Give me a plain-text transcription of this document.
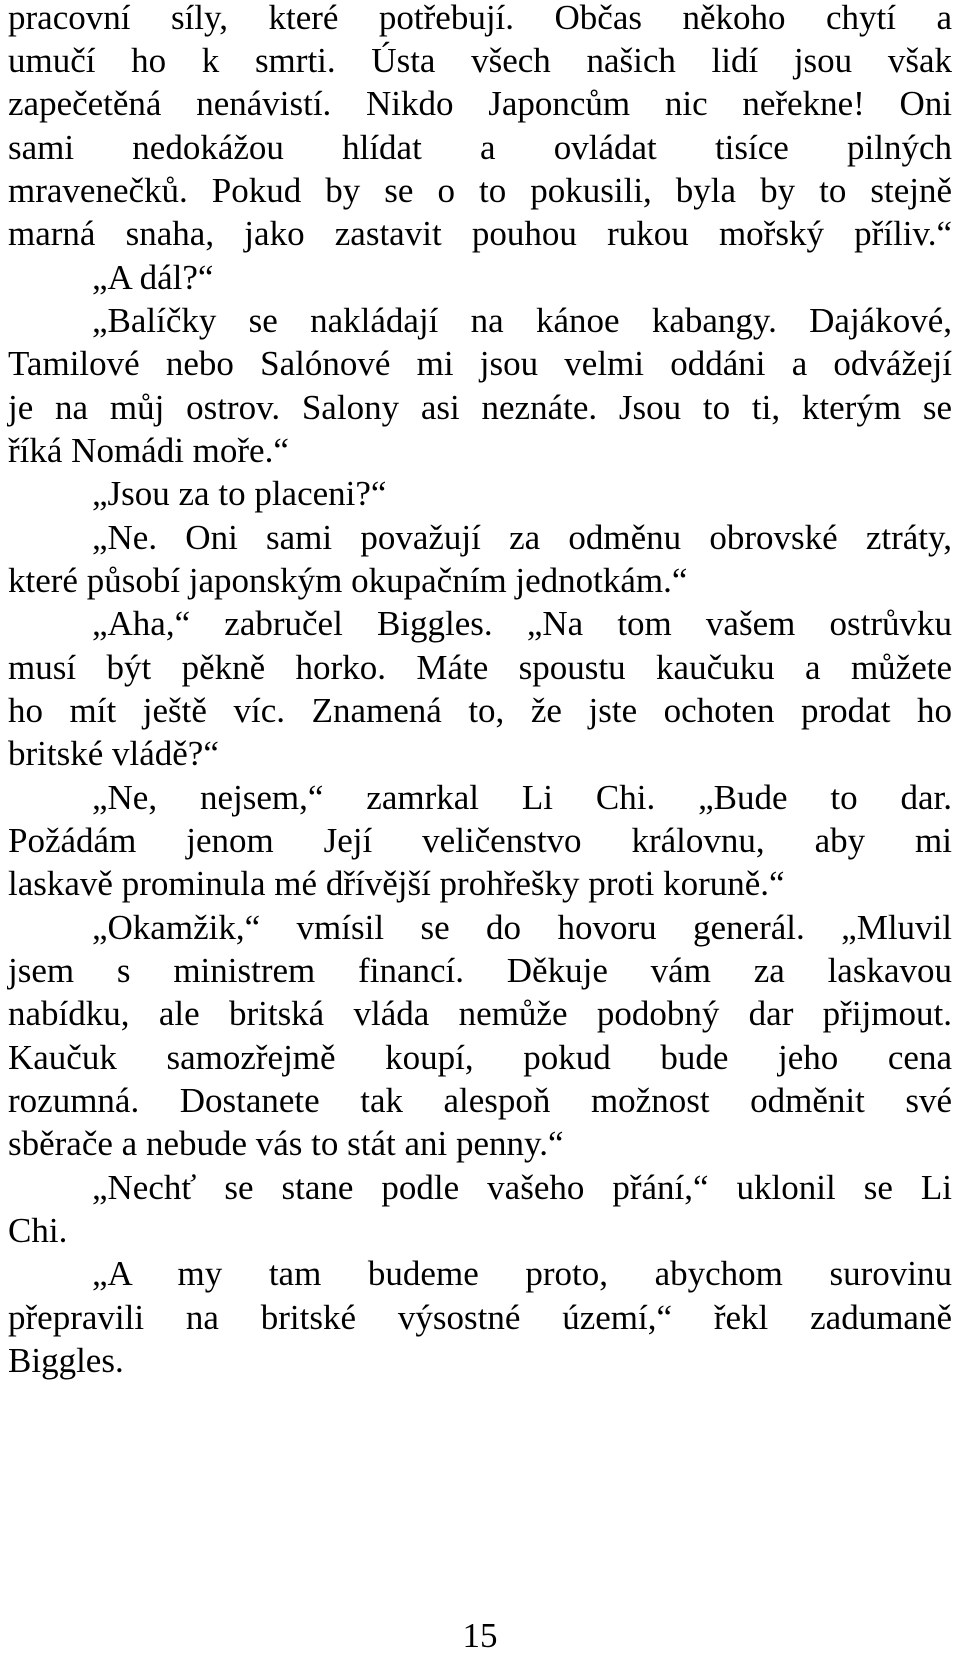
pracovní síly, které potřebují. Občas někoho chytí a
umučí ho k smrti. Ústa všech našich lidí jsou však
zapečetěná nenávistí. Nikdo Japoncům nic neřekne! Oni
sami nedokážou hlídat a ovládat tisíce pilných
mravenečků. Pokud by se o to pokusili, byla by to stejně
marná snaha, jako zastavit pouhou rukou mořský příliv.“
„A dál?“
„Balíčky se nakládají na kánoe kabangy. Dajákové,
Tamilové nebo Salónové mi jsou velmi oddáni a odvážejí
je na můj ostrov. Salony asi neznáte. Jsou to ti, kterým se
říká Nomádi moře.“
„Jsou za to placeni?“
„Ne. Oni sami považují za odměnu obrovské ztráty,
které působí japonským okupačním jednotkám.“
„Aha,“ zabručel Biggles. „Na tom vašem ostrůvku
musí být pěkně horko. Máte spoustu kaučuku a můžete
ho mít ještě víc. Znamená to, že jste ochoten prodat ho
britské vládě?“
„Ne, nejsem,“ zamrkal Li Chi. „Bude to dar.
Požádám jenom Její veličenstvo královnu, aby mi
laskavě prominula mé dřívější prohřešky proti koruně.“
„Okamžik,“ vmísil se do hovoru generál. „Mluvil
jsem s ministrem financí. Děkuje vám za laskavou
nabídku, ale britská vláda nemůže podobný dar přijmout.
Kaučuk samozřejmě koupí, pokud bude jeho cena
rozumná. Dostanete tak alespoň možnost odměnit své
sběrače a nebude vás to stát ani penny.“
„Nechť se stane podle vašeho přání,“ uklonil se Li
Chi.
„A my tam budeme proto, abychom surovinu
přepravili na britské výsostné území,“ řekl zadumaně
Biggles.
15
